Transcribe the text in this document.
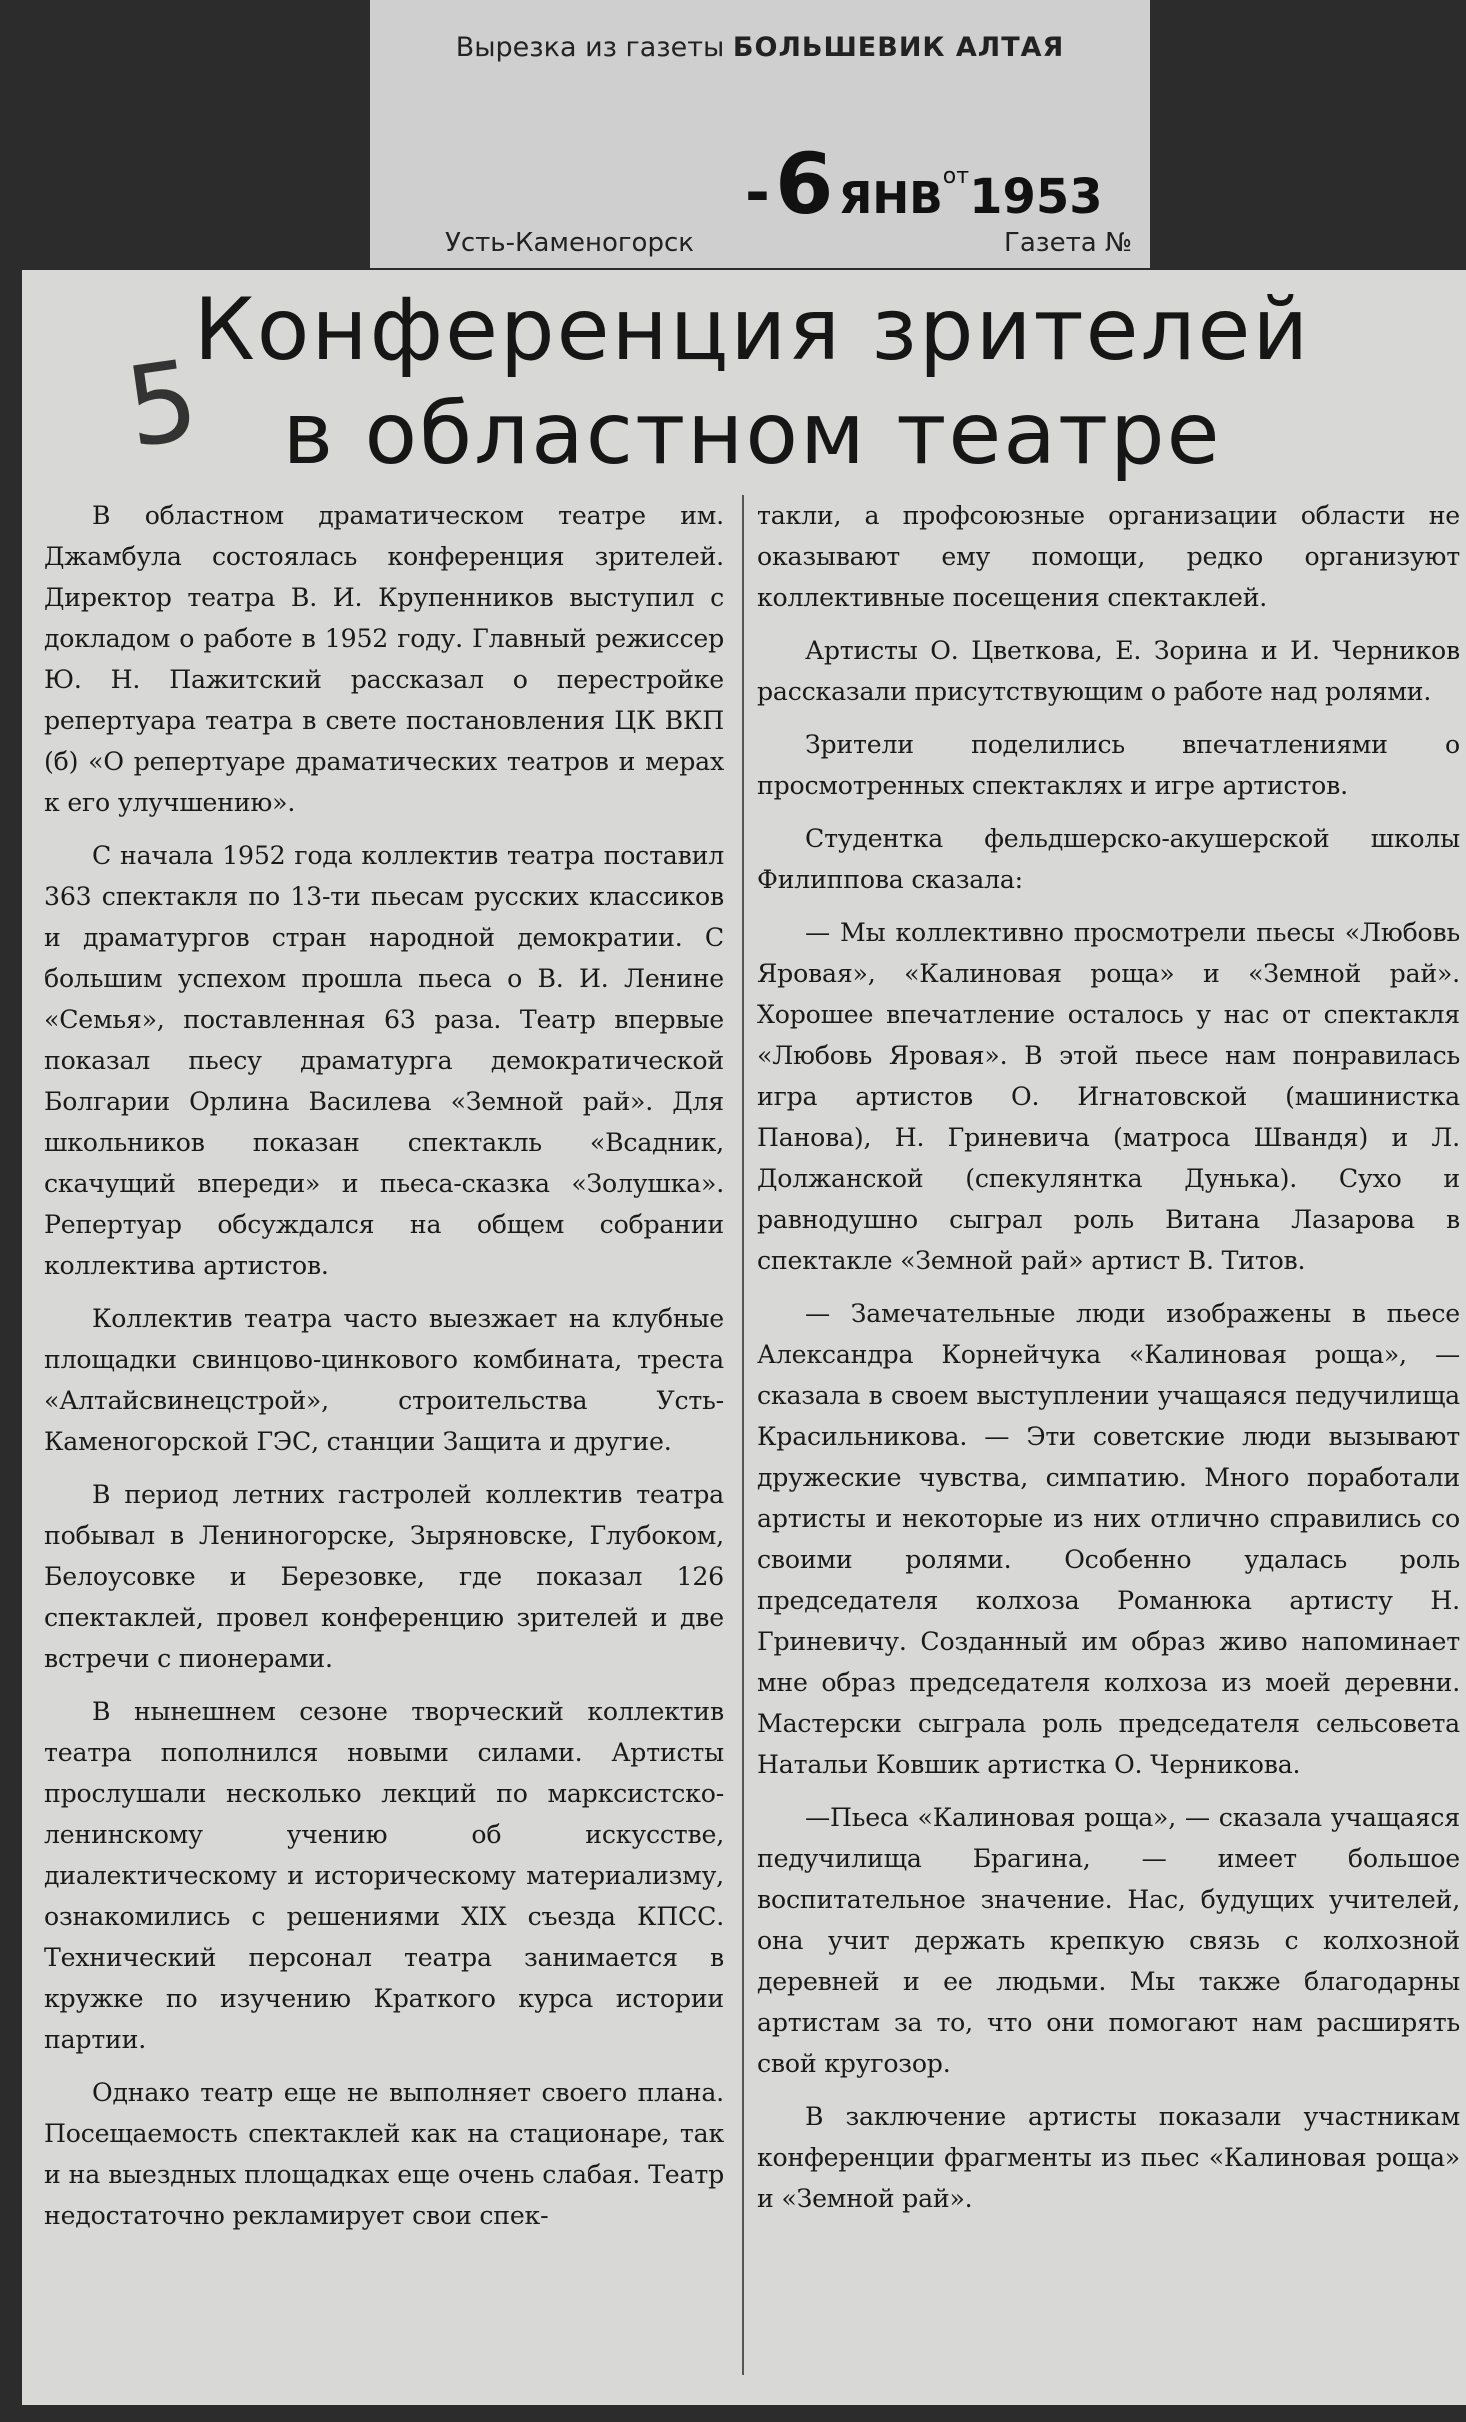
Вырезка из газеты БОЛЬШЕВИК АЛТАЯ
- 6 ЯНВот1953
Усть-Каменогорск	Газета №
5
Конференция зрителей
в областном театре

В областном драматическом театре им. Джамбула состоялась конференция зрителей. Директор театра В. И. Крупенников выступил с докладом о работе в 1952 году. Главный режиссер Ю. Н. Пажитский рассказал о перестройке репертуара театра в свете постановления ЦК ВКП (б) «О репертуаре драматических театров и мерах к его улучшению».

С начала 1952 года коллектив театра поставил 363 спектакля по 13-ти пьесам русских классиков и драматургов стран народной демократии. С большим успехом прошла пьеса о В. И. Ленине «Семья», поставленная 63 раза. Театр впервые показал пьесу драматурга демократической Болгарии Орлина Василева «Земной рай». Для школьников показан спектакль «Всадник, скачущий впереди» и пьеса-сказка «Золушка». Репертуар обсуждался на общем собрании коллектива артистов.

Коллектив театра часто выезжает на клубные площадки свинцово-цинкового комбината, треста «Алтайсвинецстрой», строительства Усть-Каменогорской ГЭС, станции Защита и другие.

В период летних гастролей коллектив театра побывал в Лениногорске, Зыряновске, Глубоком, Белоусовке и Березовке, где показал 126 спектаклей, провел конференцию зрителей и две встречи с пионерами.

В нынешнем сезоне творческий коллектив театра пополнился новыми силами. Артисты прослушали несколько лекций по марксистско-ленинскому учению об искусстве, диалектическому и историческому материализму, ознакомились с решениями XIX съезда КПСС. Технический персонал театра занимается в кружке по изучению Краткого курса истории партии.

Однако театр еще не выполняет своего плана. Посещаемость спектаклей как на стационаре, так и на выездных площадках еще очень слабая. Театр недостаточно рекламирует свои спек-

такли, а профсоюзные организации области не оказывают ему помощи, редко организуют коллективные посещения спектаклей.

Артисты О. Цветкова, Е. Зорина и И. Черников рассказали присутствующим о работе над ролями.

Зрители поделились впечатлениями о просмотренных спектаклях и игре артистов.

Студентка фельдшерско-акушерской школы Филиппова сказала:

— Мы коллективно просмотрели пьесы «Любовь Яровая», «Калиновая роща» и «Земной рай». Хорошее впечатление осталось у нас от спектакля «Любовь Яровая». В этой пьесе нам понравилась игра артистов О. Игнатовской (машинистка Панова), Н. Гриневича (матроса Швандя) и Л. Должанской (спекулянтка Дунька). Сухо и равнодушно сыграл роль Витана Лазарова в спектакле «Земной рай» артист В. Титов.

— Замечательные люди изображены в пьесе Александра Корнейчука «Калиновая роща», — сказала в своем выступлении учащаяся педучилища Красильникова. — Эти советские люди вызывают дружеские чувства, симпатию. Много поработали артисты и некоторые из них отлично справились со своими ролями. Особенно удалась роль председателя колхоза Романюка артисту Н. Гриневичу. Созданный им образ живо напоминает мне образ председателя колхоза из моей деревни. Мастерски сыграла роль председателя сельсовета Натальи Ковшик артистка О. Черникова.

—Пьеса «Калиновая роща», — сказала учащаяся педучилища Брагина, — имеет большое воспитательное значение. Нас, будущих учителей, она учит держать крепкую связь с колхозной деревней и ее людьми. Мы также благодарны артистам за то, что они помогают нам расширять свой кругозор.

В заключение артисты показали участникам конференции фрагменты из пьес «Калиновая роща» и «Земной рай».
